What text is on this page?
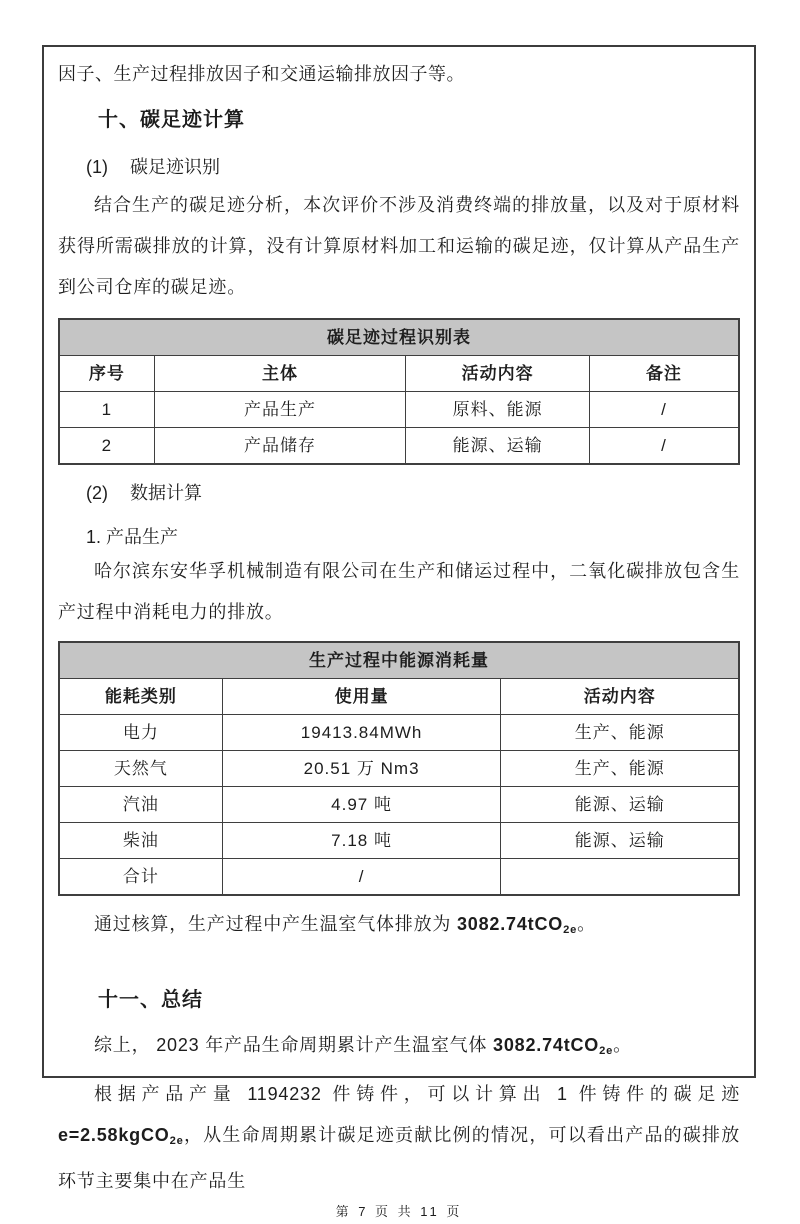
因子、生产过程排放因子和交通运输排放因子等。
十、碳足迹计算
(1) 碳足迹识别
结合生产的碳足迹分析，本次评价不涉及消费终端的排放量，以及对于原材料获得所需碳排放的计算，没有计算原材料加工和运输的碳足迹，仅计算从产品生产到公司仓库的碳足迹。
碳足迹过程识别表			
序号	主体	活动内容	备注
1	产品生产	原料、能源	/
2	产品储存	能源、运输	/
(2) 数据计算
1. 产品生产
哈尔滨东安华孚机械制造有限公司在生产和储运过程中，二氧化碳排放包含生产过程中消耗电力的排放。
生产过程中能源消耗量		
能耗类别	使用量	活动内容
电力	19413.84MWh	生产、能源
天然气	20.51 万 Nm3	生产、能源
汽油	4.97 吨	能源、运输
柴油	7.18 吨	能源、运输
合计	/	
通过核算，生产过程中产生温室气体排放为 3082.74tCO$_{2e}$。
十一、总结
综上， 2023 年产品生命周期累计产生温室气体 3082.74tCO$_{2e}$。
根据产品产量 1194232 件铸件，可以计算出 1 件铸件的碳足迹 e=2.58kgCO$_{2e}$，从生命周期累计碳足迹贡献比例的情况，可以看出产品的碳排放环节主要集中在产品生
第 7 页 共 11 页
